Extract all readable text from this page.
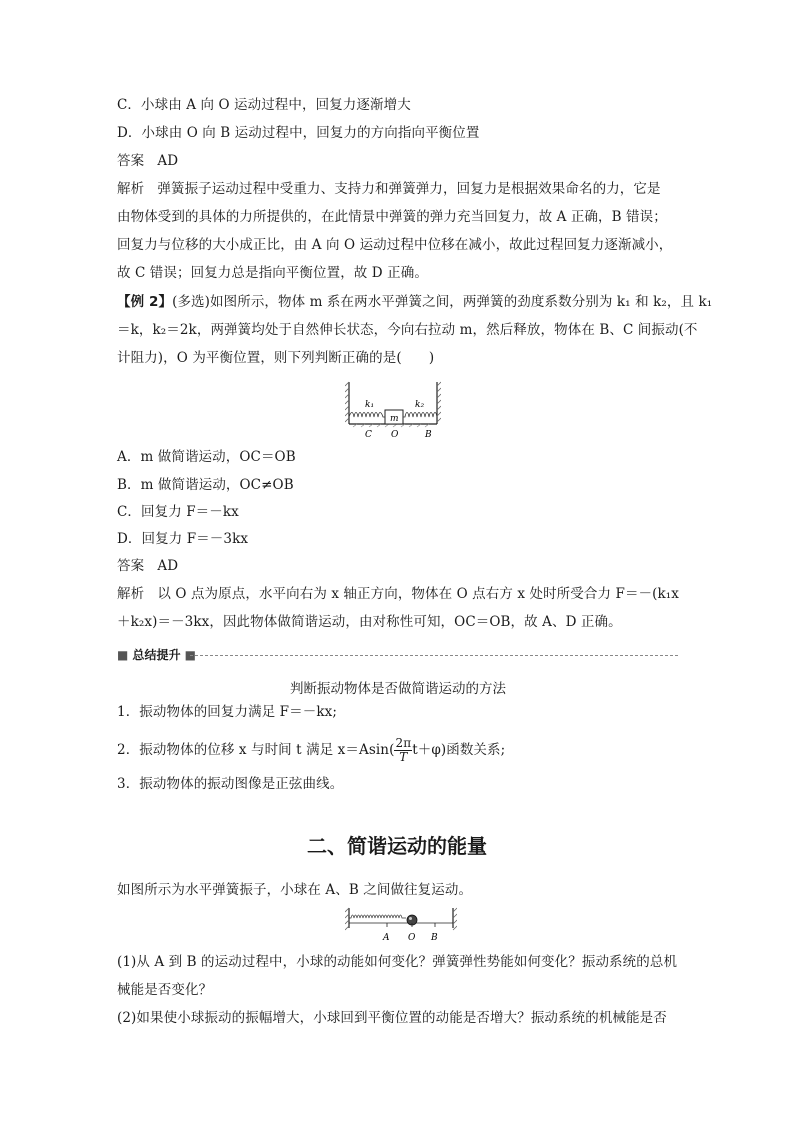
C．小球由 A 向 O 运动过程中，回复力逐渐增大
D．小球由 O 向 B 运动过程中，回复力的方向指向平衡位置
答案 AD
解析 弹簧振子运动过程中受重力、支持力和弹簧弹力，回复力是根据效果命名的力，它是
由物体受到的具体的力所提供的，在此情景中弹簧的弹力充当回复力，故 A 正确，B 错误；
回复力与位移的大小成正比，由 A 向 O 运动过程中位移在减小，故此过程回复力逐渐减小，
故 C 错误；回复力总是指向平衡位置，故 D 正确。
【例 2】(多选)如图所示，物体 m 系在两水平弹簧之间，两弹簧的劲度系数分别为 k₁ 和 k₂，且 k₁
＝k，k₂＝2k，两弹簧均处于自然伸长状态，今向右拉动 m，然后释放，物体在 B、C 间振动(不
计阻力)，O 为平衡位置，则下列判断正确的是(　　)
k₁	k₂
m
C O	B
A．m 做简谐运动，OC＝OB
B．m 做简谐运动，OC≠OB
C．回复力 F＝－kx
D．回复力 F＝－3kx
答案 AD
解析 以 O 点为原点，水平向右为 x 轴正方向，物体在 O 点右方 x 处时所受合力 F＝－(k₁x
＋k₂x)＝－3kx，因此物体做简谐运动，由对称性可知，OC＝OB，故 A、D 正确。
■ 总结提升 ■
判断振动物体是否做简谐运动的方法
1．振动物体的回复力满足 F＝－kx;
2．振动物体的位移 x 与时间 t 满足 $x=Asin( \frac{2\pi}{T} t+\varphi)$函数关系;
3．振动物体的振动图像是正弦曲线。
二、简谐运动的能量
如图所示为水平弹簧振子，小球在 A、B 之间做往复运动。
A O B
(1)从 A 到 B 的运动过程中，小球的动能如何变化？弹簧弹性势能如何变化？振动系统的总机
械能是否变化？
(2)如果使小球振动的振幅增大，小球回到平衡位置的动能是否增大？振动系统的机械能是否
